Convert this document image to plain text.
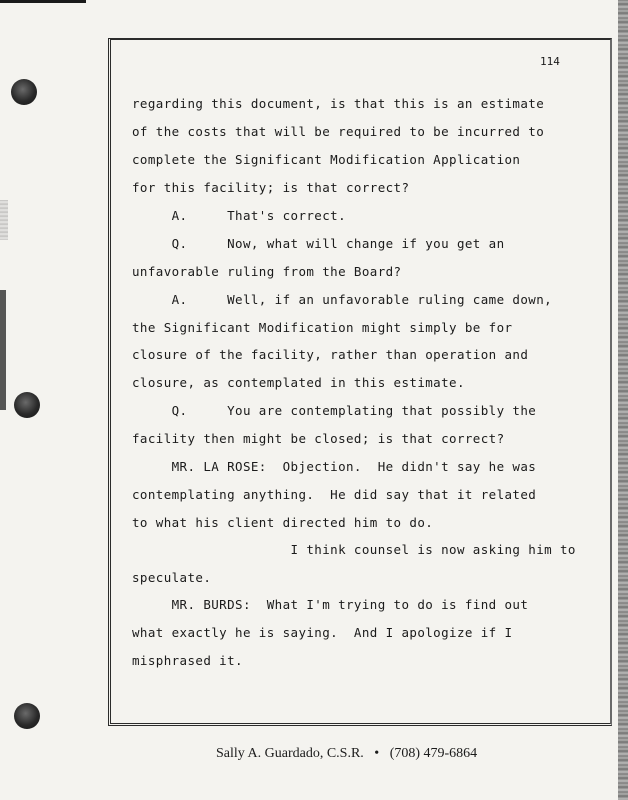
114
regarding this document, is that this is an estimate
of the costs that will be required to be incurred to
complete the Significant Modification Application
for this facility; is that correct?
A.     That's correct.
Q.     Now, what will change if you get an
unfavorable ruling from the Board?
A.     Well, if an unfavorable ruling came down,
the Significant Modification might simply be for
closure of the facility, rather than operation and
closure, as contemplated in this estimate.
Q.     You are contemplating that possibly the
facility then might be closed; is that correct?
MR. LA ROSE:  Objection.  He didn't say he was
contemplating anything.  He did say that it related
to what his client directed him to do.
I think counsel is now asking him to
speculate.
MR. BURDS:  What I'm trying to do is find out
what exactly he is saying.  And I apologize if I
misphrased it.
Sally A. Guardado, C.S.R. • (708) 479-6864
